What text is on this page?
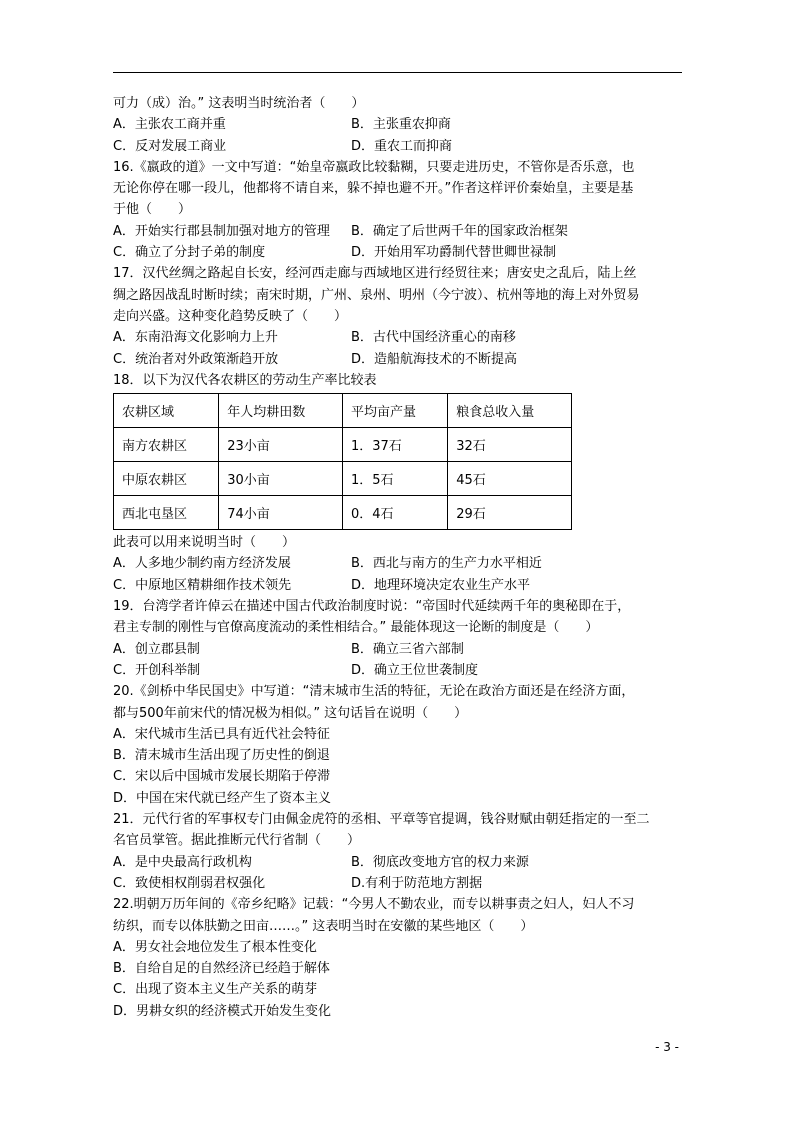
可力（成）治。” 这表明当时统治者（　　）
A．主张农工商并重	B．主张重农抑商
C．反对发展工商业	D．重农工而抑商
16.《嬴政的道》一文中写道：“始皇帝嬴政比较黏糊，只要走进历史，不管你是否乐意，也
无论你停在哪一段儿，他都将不请自来，躲不掉也避不开。”作者这样评价秦始皇，主要是基
于他（　　）
A．开始实行郡县制加强对地方的管理	B．确定了后世两千年的国家政治框架
C．确立了分封子弟的制度	D．开始用军功爵制代替世卿世禄制
17．汉代丝绸之路起自长安，经河西走廊与西域地区进行经贸往来；唐安史之乱后，陆上丝
绸之路因战乱时断时续；南宋时期，广州、泉州、明州（今宁波）、杭州等地的海上对外贸易
走向兴盛。这种变化趋势反映了（　　）
A．东南沿海文化影响力上升	B．古代中国经济重心的南移
C．统治者对外政策渐趋开放	D．造船航海技术的不断提高
18．以下为汉代各农耕区的劳动生产率比较表
农耕区域	年人均耕田数	平均亩产量	粮食总收入量
南方农耕区	23小亩	1．37石	32石
中原农耕区	30小亩	1．5石	45石
西北屯垦区	74小亩	0．4石	29石
此表可以用来说明当时（　　）
A．人多地少制约南方经济发展	B．西北与南方的生产力水平相近
C．中原地区精耕细作技术领先	D．地理环境决定农业生产水平
19．台湾学者许倬云在描述中国古代政治制度时说：“帝国时代延续两千年的奥秘即在于，
君主专制的刚性与官僚高度流动的柔性相结合。” 最能体现这一论断的制度是（　　）
A．创立郡县制	B．确立三省六部制
C．开创科举制	D．确立王位世袭制度
20.《剑桥中华民国史》中写道：“清末城市生活的特征，无论在政治方面还是在经济方面，
都与500年前宋代的情况极为相似。” 这句话旨在说明（　　）
A．宋代城市生活已具有近代社会特征
B．清末城市生活出现了历史性的倒退
C．宋以后中国城市发展长期陷于停滞
D．中国在宋代就已经产生了资本主义
21．元代行省的军事权专门由佩金虎符的丞相、平章等官提调，钱谷财赋由朝廷指定的一至二
名官员掌管。据此推断元代行省制（　　）
A．是中央最高行政机构	B．彻底改变地方官的权力来源
C．致使相权削弱君权强化	D.有利于防范地方割据
22.明朝万历年间的《帝乡纪略》记载：“今男人不勤农业，而专以耕事责之妇人，妇人不习
纺织，而专以体肤勤之田亩……。” 这表明当时在安徽的某些地区（　　）
A．男女社会地位发生了根本性变化
B．自给自足的自然经济已经趋于解体
C．出现了资本主义生产关系的萌芽
D．男耕女织的经济模式开始发生变化
- 3 -
